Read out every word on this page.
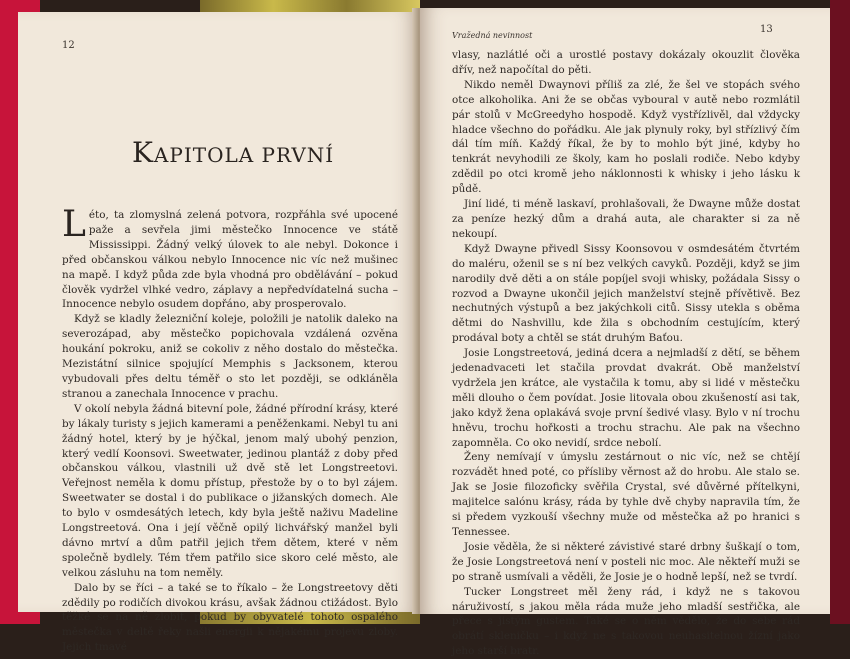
12
KAPITOLA PRVNÍ

Léto, ta zlomyslná zelená potvora, rozpřáhla své upocené paže a sevřela jimi městečko Innocence ve státě Mississippi. Žádný velký úlovek to ale nebyl. Dokonce i před občanskou válkou nebylo Innocence nic víc než mušinec na mapě. I když půda zde byla vhodná pro obdělávání – pokud člověk vydržel vlhké vedro, záplavy a nepředvídatelná sucha – Innocence nebylo osudem dopřáno, aby prosperovalo.

Když se kladly železniční koleje, položili je natolik daleko na severozápad, aby městečko popichovala vzdálená ozvěna houkání pokroku, aniž se cokoliv z něho dostalo do městečka. Mezistátní silnice spojující Memphis s Jacksonem, kterou vybudovali přes deltu téměř o sto let později, se odkláněla stranou a zanechala Innocence v prachu.

V okolí nebyla žádná bitevní pole, žádné přírodní krásy, které by lákaly turisty s jejich kamerami a peněženkami. Nebyl tu ani žádný hotel, který by je hýčkal, jenom malý ubohý penzion, který vedlí Koonsovi. Sweetwater, jedinou plantáž z doby před občanskou válkou, vlastnili už dvě stě let Longstreetovi. Veřejnost neměla k domu přístup, přestože by o to byl zájem. Sweetwater se dostal i do publikace o jižanských domech. Ale to bylo v osmdesátých letech, kdy byla ještě naživu Madeline Longstreetová. Ona i její věčně opilý lichvářský manžel byli dávno mrtví a dům patřil jejich třem dětem, které v něm společně bydlely. Tém třem patřilo sice skoro celé město, ale velkou zásluhu na tom neměly.

Dalo by se říci – a také se to říkalo – že Longstreetovy děti zdědily po rodičích divokou krásu, avšak žádnou ctižádost. Bylo těžké se na ně zlobit, pokud by obyvatelé tohoto ospalého městečka v deltě řeky našli energii k nějakému projevu zloby. Jejich tmavé

Vražedná nevinnost
13

vlasy, nazlátlé oči a urostlé postavy dokázaly okouzlit člověka dřív, než napočítal do pěti.

Nikdo neměl Dwaynovi příliš za zlé, že šel ve stopách svého otce alkoholika. Ani že se občas vyboural v autě nebo rozmlátil pár stolů v McGreedyho hospodě. Když vystřízlivěl, dal vždycky hladce všechno do pořádku. Ale jak plynuly roky, byl střízlivý čím dál tím míň. Každý říkal, že by to mohlo být jiné, kdyby ho tenkrát nevyhodili ze školy, kam ho poslali rodiče. Nebo kdyby zdědil po otci kromě jeho náklonnosti k whisky i jeho lásku k půdě.

Jiní lidé, ti méně laskaví, prohlašovali, že Dwayne může dostat za peníze hezký dům a drahá auta, ale charakter si za ně nekoupí.

Když Dwayne přivedl Sissy Koonsovou v osmdesátém čtvrtém do maléru, oženil se s ní bez velkých cavyků. Později, když se jim narodily dvě děti a on stále popíjel svoji whisky, požádala Sissy o rozvod a Dwayne ukončil jejich manželství stejně přívětivě. Bez nechutných výstupů a bez jakýchkoli citů. Sissy utekla s oběma dětmi do Nashvillu, kde žila s obchodním cestujícím, který prodával boty a chtěl se stát druhým Baťou.

Josie Longstreetová, jediná dcera a nejmladší z dětí, se během jedenadvaceti let stačila provdat dvakrát. Obě manželství vydržela jen krátce, ale vystačila k tomu, aby si lidé v městečku měli dlouho o čem povídat. Josie litovala obou zkušeností asi tak, jako když žena oplakává svoje první šedivé vlasy. Bylo v ní trochu hněvu, trochu hořkosti a trochu strachu. Ale pak na všechno zapomněla. Co oko nevidí, srdce nebolí.

Ženy nemívají v úmyslu zestárnout o nic víc, než se chtějí rozvádět hned poté, co přísliby věrnost až do hrobu. Ale stalo se. Jak se Josie filozoficky svěřila Crystal, své důvěrné přítelkyni, majitelce salónu krásy, ráda by tyhle dvě chyby napravila tím, že si předem vyzkouší všechny muže od městečka až po hranici s Tennessee.

Josie věděla, že si některé závistivé staré drbny šuškají o tom, že Josie Longstreetová není v posteli nic moc. Ale někteří muži se po straně usmívali a věděli, že Josie je o hodně lepší, než se tvrdí.

Tucker Longstreet měl ženy rád, i když ne s takovou náruživostí, s jakou měla ráda muže jeho mladší sestřička, ale přece s jistým gustem. Také se o něm vědělo, že do sebe rád obrátí skleničku – i když ne s takovou neuhasitelnou žízní jako jeho starší bratr.
